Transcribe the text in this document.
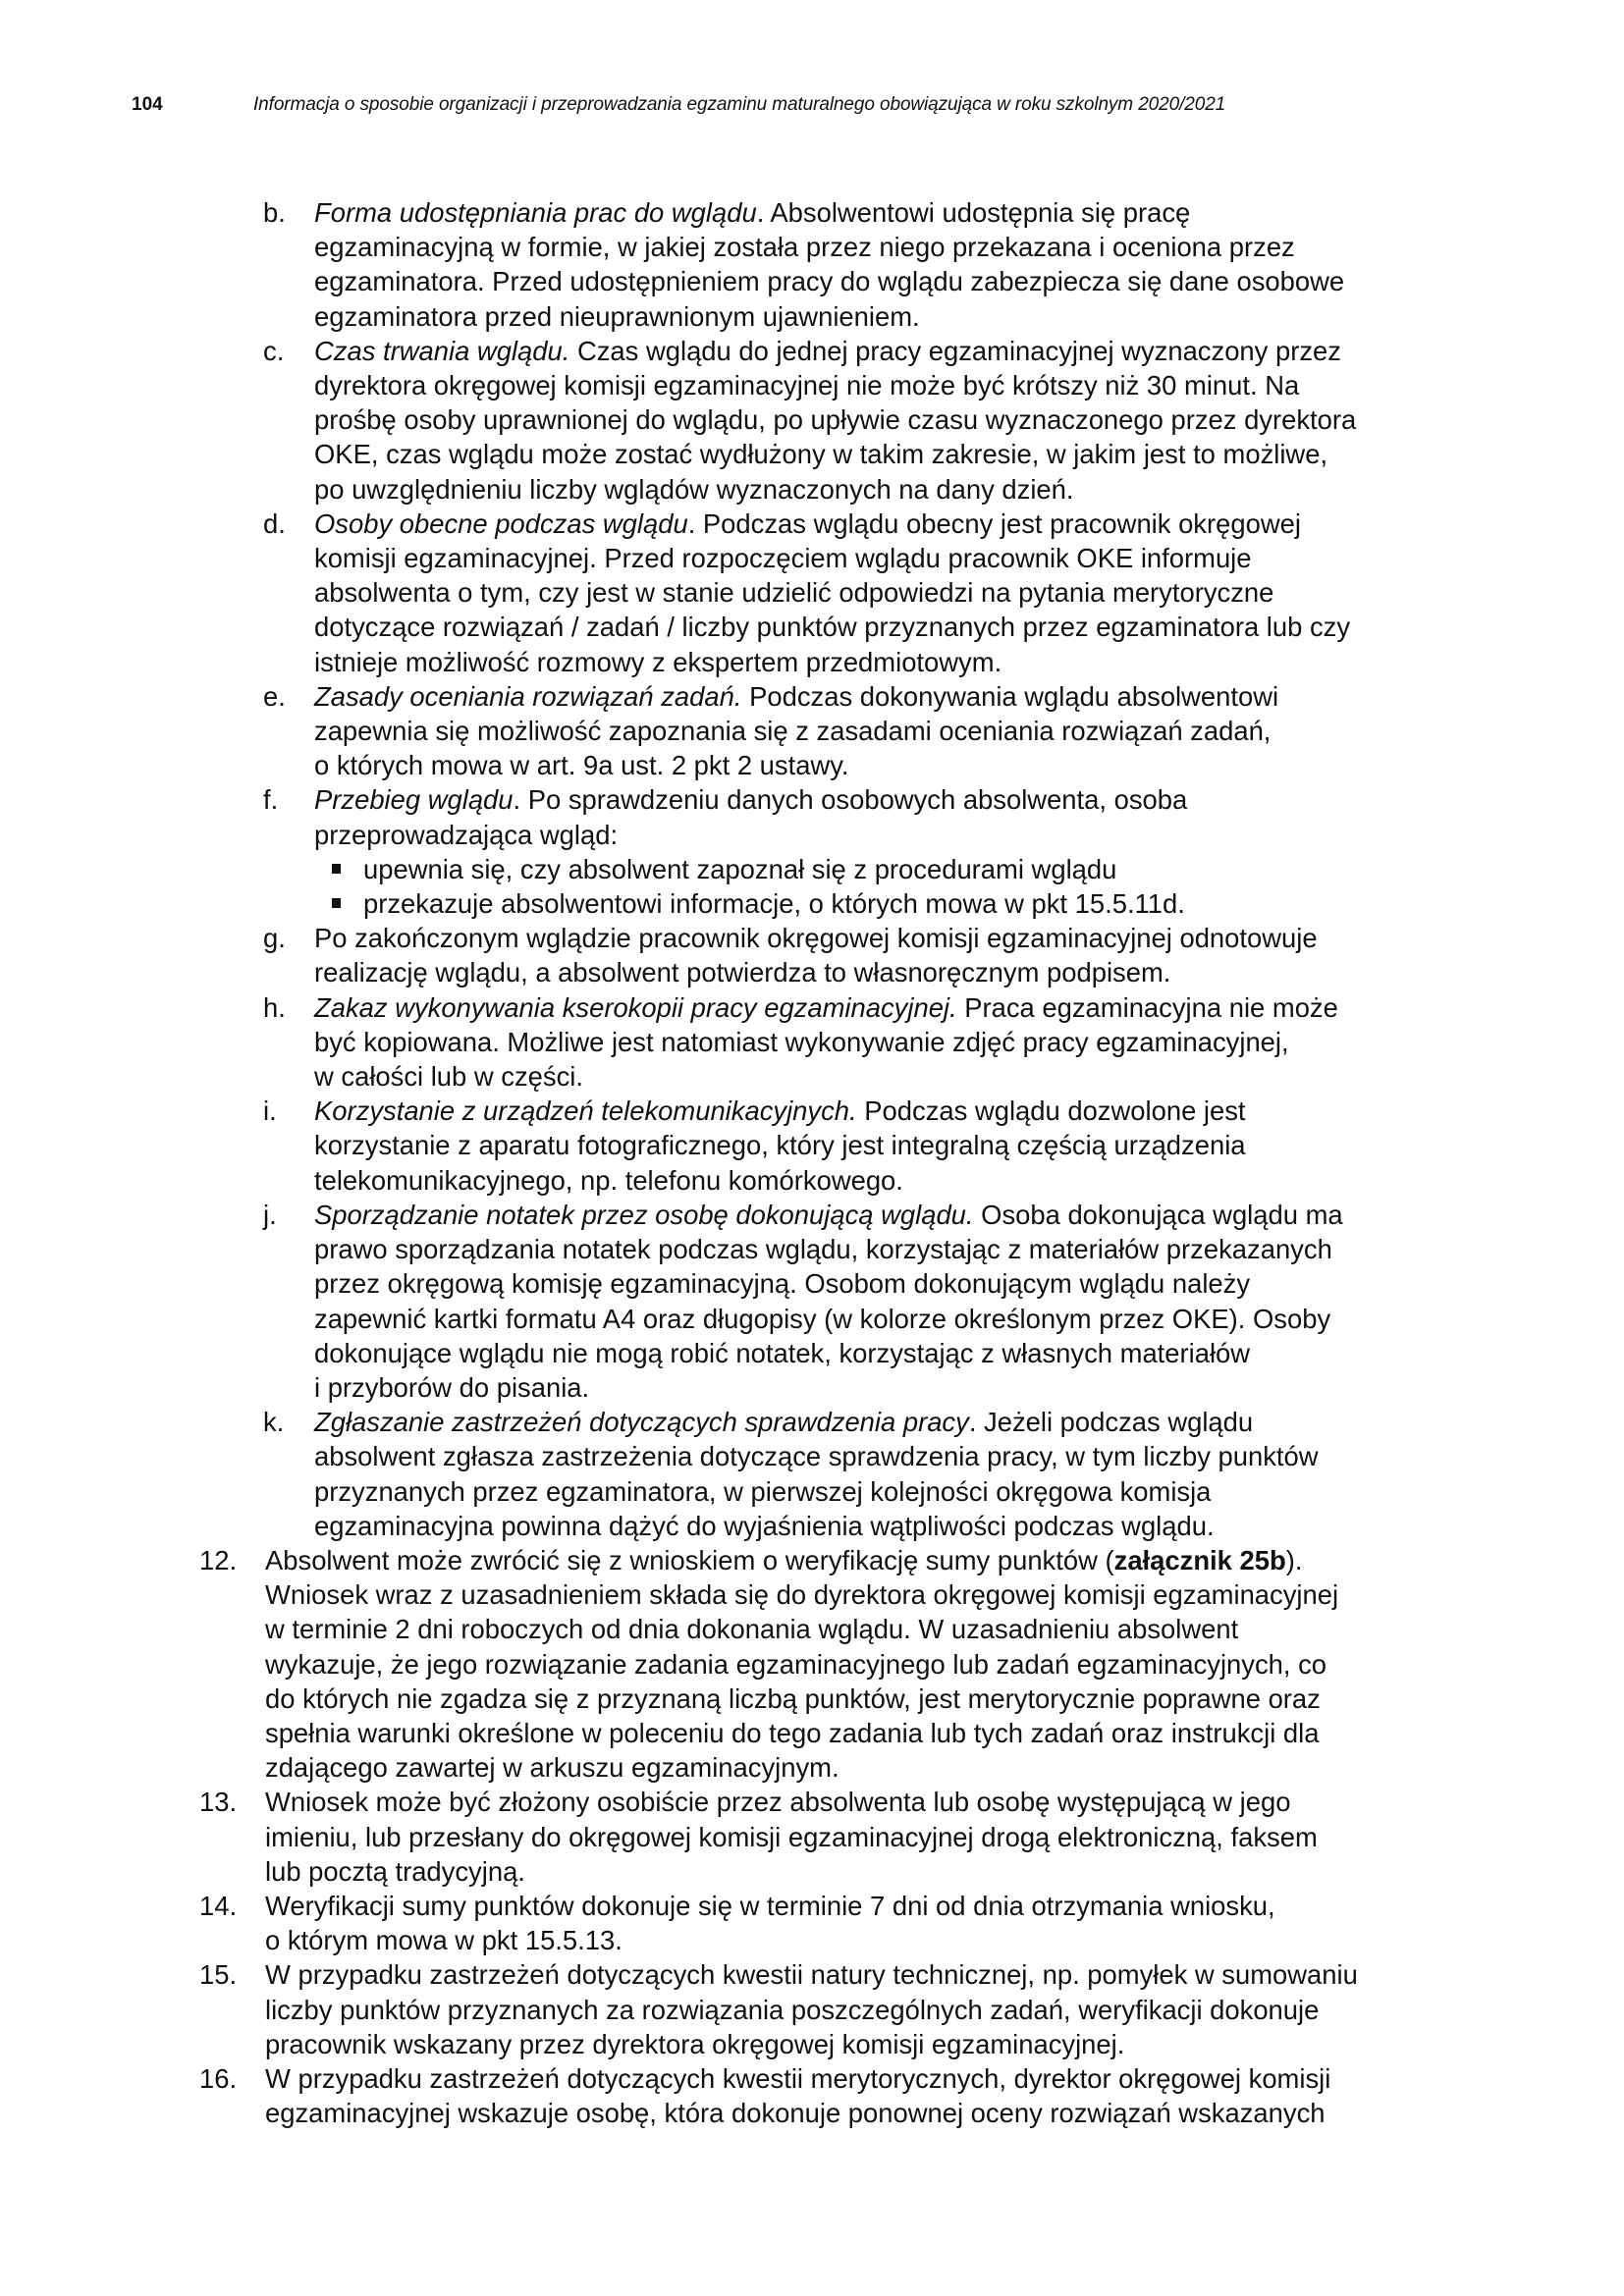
104	Informacja o sposobie organizacji i przeprowadzania egzaminu maturalnego obowiązująca w roku szkolnym 2020/2021
b. Forma udostępniania prac do wglądu. Absolwentowi udostępnia się pracę
egzaminacyjną w formie, w jakiej została przez niego przekazana i oceniona przez
egzaminatora. Przed udostępnieniem pracy do wglądu zabezpiecza się dane osobowe
egzaminatora przed nieuprawnionym ujawnieniem.
c. Czas trwania wglądu. Czas wglądu do jednej pracy egzaminacyjnej wyznaczony przez
dyrektora okręgowej komisji egzaminacyjnej nie może być krótszy niż 30 minut. Na
prośbę osoby uprawnionej do wglądu, po upływie czasu wyznaczonego przez dyrektora
OKE, czas wglądu może zostać wydłużony w takim zakresie, w jakim jest to możliwe,
po uwzględnieniu liczby wglądów wyznaczonych na dany dzień.
d. Osoby obecne podczas wglądu. Podczas wglądu obecny jest pracownik okręgowej
komisji egzaminacyjnej. Przed rozpoczęciem wglądu pracownik OKE informuje
absolwenta o tym, czy jest w stanie udzielić odpowiedzi na pytania merytoryczne
dotyczące rozwiązań / zadań / liczby punktów przyznanych przez egzaminatora lub czy
istnieje możliwość rozmowy z ekspertem przedmiotowym.
e. Zasady oceniania rozwiązań zadań. Podczas dokonywania wglądu absolwentowi
zapewnia się możliwość zapoznania się z zasadami oceniania rozwiązań zadań,
o których mowa w art. 9a ust. 2 pkt 2 ustawy.
f. Przebieg wglądu. Po sprawdzeniu danych osobowych absolwenta, osoba
przeprowadzająca wgląd:
upewnia się, czy absolwent zapoznał się z procedurami wglądu
przekazuje absolwentowi informacje, o których mowa w pkt 15.5.11d.
g. Po zakończonym wglądzie pracownik okręgowej komisji egzaminacyjnej odnotowuje
realizację wglądu, a absolwent potwierdza to własnoręcznym podpisem.
h. Zakaz wykonywania kserokopii pracy egzaminacyjnej. Praca egzaminacyjna nie może
być kopiowana. Możliwe jest natomiast wykonywanie zdjęć pracy egzaminacyjnej,
w całości lub w części.
i. Korzystanie z urządzeń telekomunikacyjnych. Podczas wglądu dozwolone jest
korzystanie z aparatu fotograficznego, który jest integralną częścią urządzenia
telekomunikacyjnego, np. telefonu komórkowego.
j. Sporządzanie notatek przez osobę dokonującą wglądu. Osoba dokonująca wglądu ma
prawo sporządzania notatek podczas wglądu, korzystając z materiałów przekazanych
przez okręgową komisję egzaminacyjną. Osobom dokonującym wglądu należy
zapewnić kartki formatu A4 oraz długopisy (w kolorze określonym przez OKE). Osoby
dokonujące wglądu nie mogą robić notatek, korzystając z własnych materiałów
i przyborów do pisania.
k. Zgłaszanie zastrzeżeń dotyczących sprawdzenia pracy. Jeżeli podczas wglądu
absolwent zgłasza zastrzeżenia dotyczące sprawdzenia pracy, w tym liczby punktów
przyznanych przez egzaminatora, w pierwszej kolejności okręgowa komisja
egzaminacyjna powinna dążyć do wyjaśnienia wątpliwości podczas wglądu.
12. Absolwent może zwrócić się z wnioskiem o weryfikację sumy punktów (załącznik 25b).
Wniosek wraz z uzasadnieniem składa się do dyrektora okręgowej komisji egzaminacyjnej
w terminie 2 dni roboczych od dnia dokonania wglądu. W uzasadnieniu absolwent
wykazuje, że jego rozwiązanie zadania egzaminacyjnego lub zadań egzaminacyjnych, co
do których nie zgadza się z przyznaną liczbą punktów, jest merytorycznie poprawne oraz
spełnia warunki określone w poleceniu do tego zadania lub tych zadań oraz instrukcji dla
zdającego zawartej w arkuszu egzaminacyjnym.
13. Wniosek może być złożony osobiście przez absolwenta lub osobę występującą w jego
imieniu, lub przesłany do okręgowej komisji egzaminacyjnej drogą elektroniczną, faksem
lub pocztą tradycyjną.
14. Weryfikacji sumy punktów dokonuje się w terminie 7 dni od dnia otrzymania wniosku,
o którym mowa w pkt 15.5.13.
15. W przypadku zastrzeżeń dotyczących kwestii natury technicznej, np. pomyłek w sumowaniu
liczby punktów przyznanych za rozwiązania poszczególnych zadań, weryfikacji dokonuje
pracownik wskazany przez dyrektora okręgowej komisji egzaminacyjnej.
16. W przypadku zastrzeżeń dotyczących kwestii merytorycznych, dyrektor okręgowej komisji
egzaminacyjnej wskazuje osobę, która dokonuje ponownej oceny rozwiązań wskazanych
